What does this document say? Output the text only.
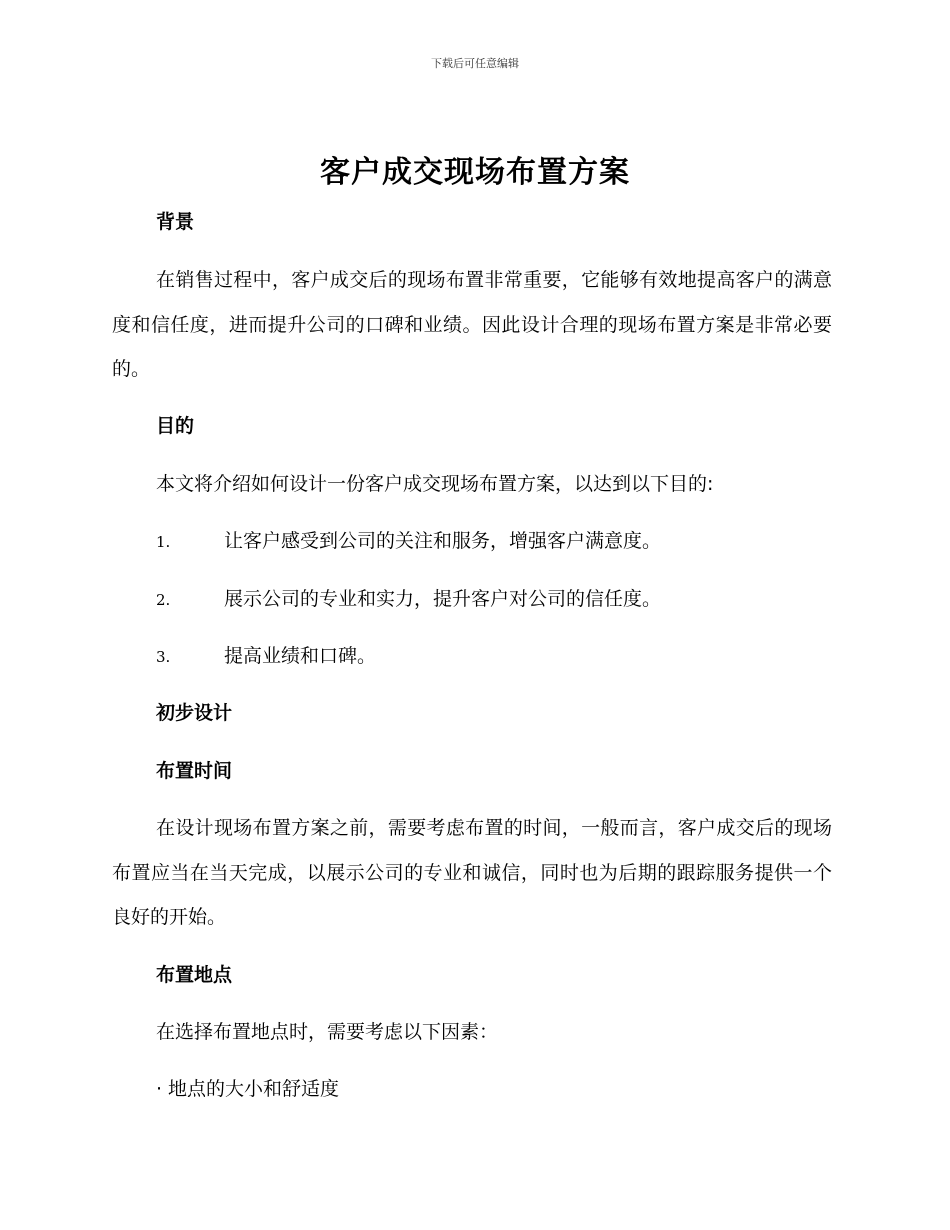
下载后可任意编辑
客户成交现场布置方案
背景
在销售过程中，客户成交后的现场布置非常重要，它能够有效地提高客户的满意度和信任度，进而提升公司的口碑和业绩。因此设计合理的现场布置方案是非常必要的。
目的
本文将介绍如何设计一份客户成交现场布置方案，以达到以下目的:
1.	让客户感受到公司的关注和服务，增强客户满意度。
2.	展示公司的专业和实力，提升客户对公司的信任度。
3.	提高业绩和口碑。
初步设计
布置时间
在设计现场布置方案之前，需要考虑布置的时间，一般而言，客户成交后的现场布置应当在当天完成，以展示公司的专业和诚信，同时也为后期的跟踪服务提供一个良好的开始。
布置地点
在选择布置地点时，需要考虑以下因素：
· 地点的大小和舒适度
